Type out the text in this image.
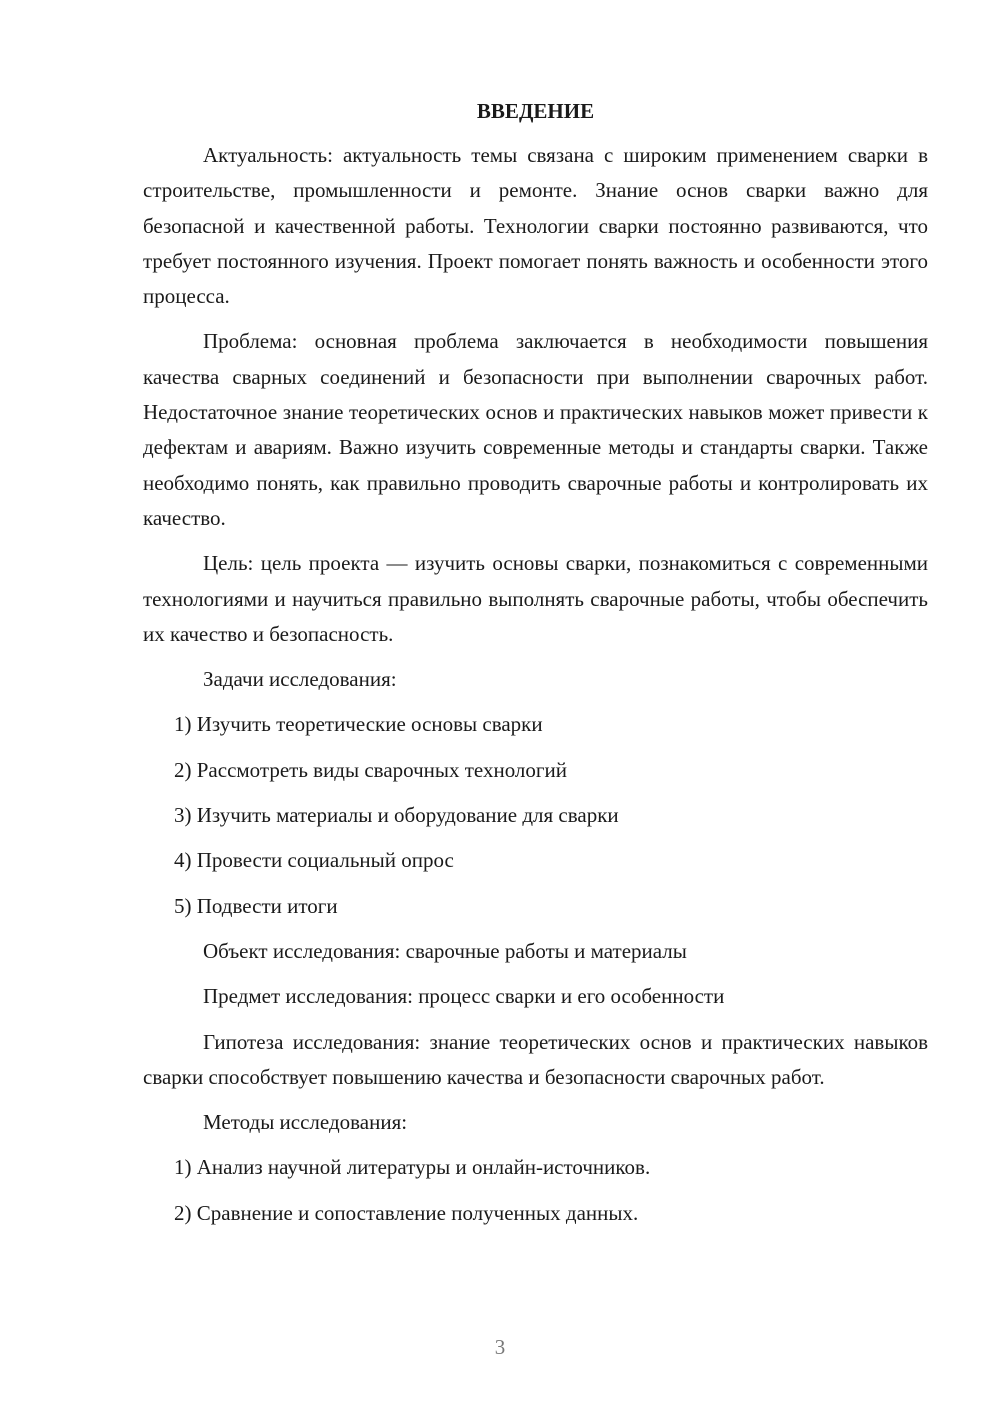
ВВЕДЕНИЕ

Актуальность: актуальность темы связана с широким применением сварки в строительстве, промышленности и ремонте. Знание основ сварки важно для безопасной и качественной работы. Технологии сварки постоянно развиваются, что требует постоянного изучения. Проект помогает понять важность и особенности этого процесса.

Проблема: основная проблема заключается в необходимости повышения качества сварных соединений и безопасности при выполнении сварочных работ. Недостаточное знание теоретических основ и практических навыков может привести к дефектам и авариям. Важно изучить современные методы и стандарты сварки. Также необходимо понять, как правильно проводить сварочные работы и контролировать их качество.

Цель: цель проекта — изучить основы сварки, познакомиться с современными технологиями и научиться правильно выполнять сварочные работы, чтобы обеспечить их качество и безопасность.

Задачи исследования:

1) Изучить теоретические основы сварки

2) Рассмотреть виды сварочных технологий

3) Изучить материалы и оборудование для сварки

4) Провести социальный опрос

5) Подвести итоги

Объект исследования: сварочные работы и материалы

Предмет исследования: процесс сварки и его особенности

Гипотеза исследования: знание теоретических основ и практических навыков сварки способствует повышению качества и безопасности сварочных работ.

Методы исследования:

1) Анализ научной литературы и онлайн-источников.

2) Сравнение и сопоставление полученных данных.

3
